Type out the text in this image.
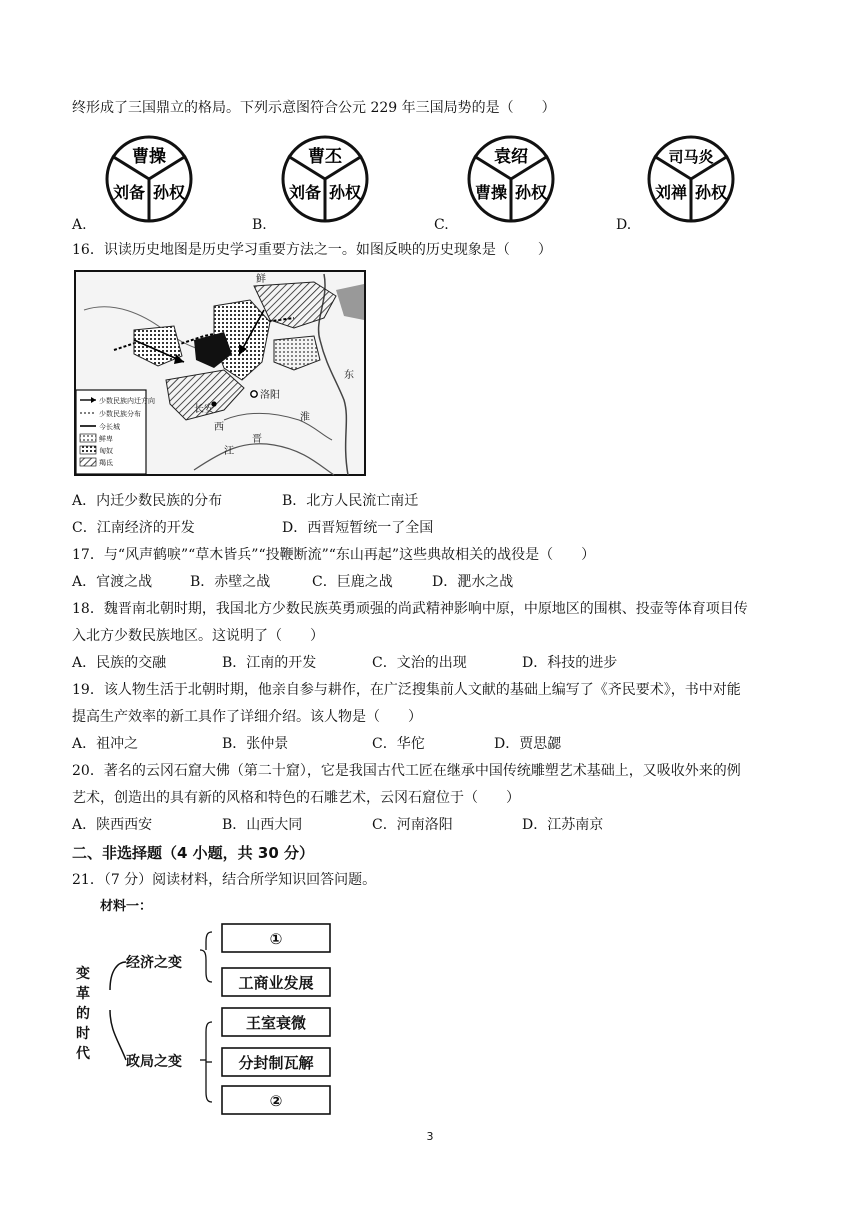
终形成了三国鼎立的格局。下列示意图符合公元 229 年三国局势的是（　　）
A.
曹操
刘备 孙权
B.
曹丕
刘备 孙权
C.
袁绍
曹操 孙权
D.
司马炎
刘禅 孙权
16．识读历史地图是历史学习重要方法之一。如图反映的历史现象是（　　）
少数民族内迁方向
少数民族分布
今长城
鲜卑
匈奴
羯氐
鲜
洛阳
长安
西
晋
东
江
淮
A．内迁少数民族的分布	B．北方人民流亡南迁
C．江南经济的开发	D．西晋短暂统一了全国
17．与“风声鹤唳”“草木皆兵”“投鞭断流”“东山再起”这些典故相关的战役是（　　）
A．官渡之战	B．赤壁之战	C．巨鹿之战	D．淝水之战
18．魏晋南北朝时期，我国北方少数民族英勇顽强的尚武精神影响中原，中原地区的围棋、投壶等体育项目传
入北方少数民族地区。这说明了（　　）
A．民族的交融	B．江南的开发	C．文治的出现	D．科技的进步
19．该人物生活于北朝时期，他亲自参与耕作，在广泛搜集前人文献的基础上编写了《齐民要术》，书中对能
提高生产效率的新工具作了详细介绍。该人物是（　　）
A．祖冲之	B．张仲景	C．华佗	D．贾思勰
20．著名的云冈石窟大佛（第二十窟），它是我国古代工匠在继承中国传统雕塑艺术基础上，又吸收外来的例
艺术，创造出的具有新的风格和特色的石雕艺术，云冈石窟位于（　　）
A．陕西西安	B．山西大同	C．河南洛阳	D．江苏南京
二、非选择题（4 小题，共 30 分）
21．（7 分）阅读材料，结合所学知识回答问题。
材料一：
变革的时代
①
工商业发展
王室衰微
分封制瓦解
②
经济之变
政局之变
3
